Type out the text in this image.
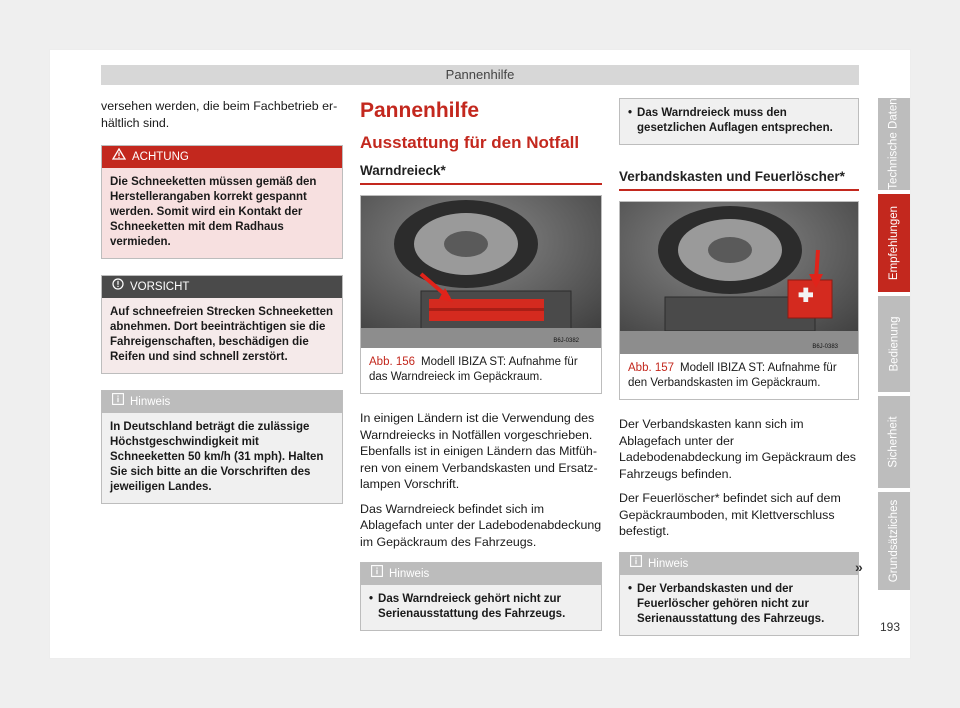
Pannenhilfe

versehen werden, die beim Fachbetrieb erhältlich sind.

ACHTUNG
Die Schneeketten müssen gemäß den Herstellerangaben korrekt gespannt werden. Somit wird ein Kontakt der Schneeketten mit dem Radhaus vermieden.
VORSICHT
Auf schneefreien Strecken Schneeketten abnehmen. Dort beeinträchtigen sie die Fahreigenschaften, beschädigen die Reifen und sind schnell zerstört.
Hinweis
In Deutschland beträgt die zulässige Höchstgeschwindigkeit mit Schneeketten 50 km/h (31 mph). Halten Sie sich bitte an die Vorschriften des jeweiligen Landes.
Pannenhilfe
Ausstattung für den Notfall
Warndreieck*
B6J-0382
Abb. 156 Modell IBIZA ST: Aufnahme für das Warndreieck im Gepäckraum.

In einigen Ländern ist die Verwendung des Warndreiecks in Notfällen vorgeschrieben. Ebenfalls ist in einigen Ländern das Mitführen von einem Verbandskasten und Ersatzlampen Vorschrift.

Das Warndreieck befindet sich im Ablagefach unter der Ladebodenabdeckung im Gepäckraum des Fahrzeugs.

Hinweis
• Das Warndreieck gehört nicht zur Serienausstattung des Fahrzeugs.
• Das Warndreieck muss den gesetzlichen Auflagen entsprechen.
Verbandskasten und Feuerlöscher*
B6J-0383
Abb. 157 Modell IBIZA ST: Aufnahme für den Verbandskasten im Gepäckraum.

Der Verbandskasten kann sich im Ablagefach unter der Ladebodenabdeckung im Gepäckraum des Fahrzeugs befinden.

Der Feuerlöscher* befindet sich auf dem Gepäckraumboden, mit Klettverschluss befestigt.

Hinweis
• Der Verbandskasten und der Feuerlöscher gehören nicht zur Serienausstattung des Fahrzeugs.
»
Technische Daten
Empfehlungen
Bedienung
Sicherheit
Grundsätzliches
193
